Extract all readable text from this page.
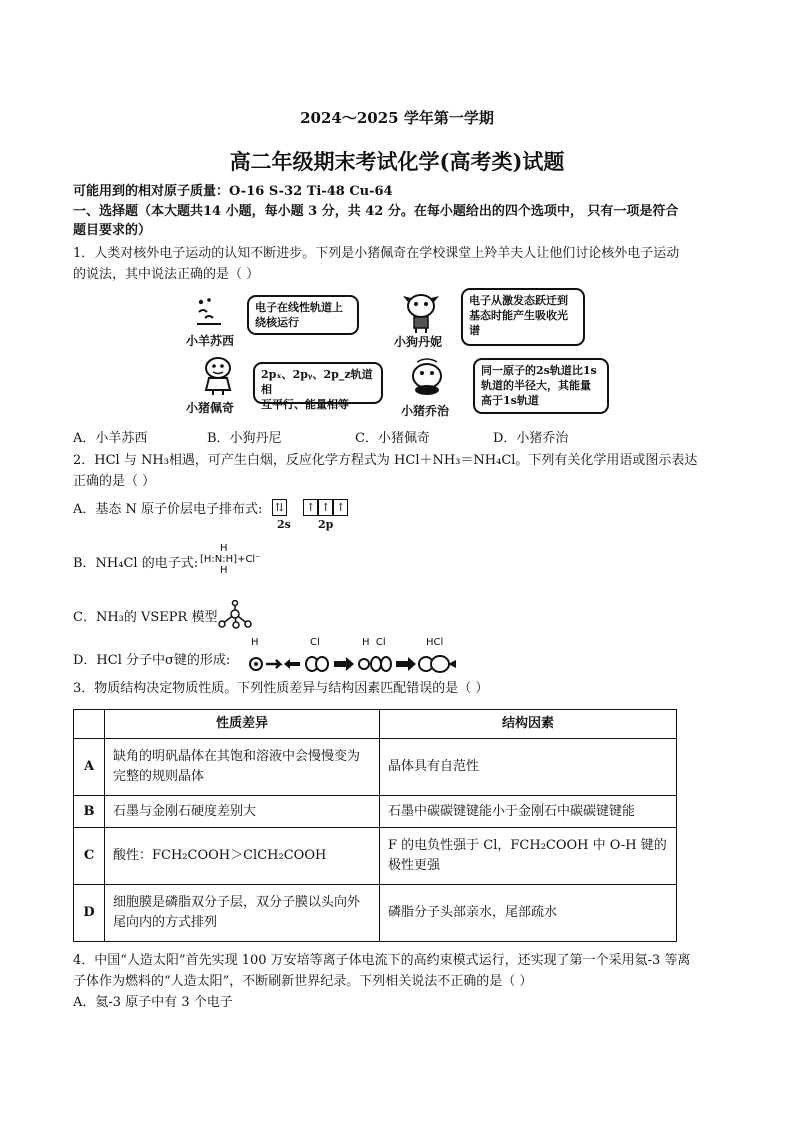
2024～2025 学年第一学期
高二年级期末考试化学(高考类)试题
可能用到的相对原子质量：O-16 S-32 Ti-48 Cu-64
一、选择题（本大题共14 小题，每小题 3 分，共 42 分。在每小题给出的四个选项中， 只有一项是符合
题目要求的）
1．人类对核外电子运动的认知不断进步。下列是小猪佩奇在学校课堂上羚羊夫人让他们讨论核外电子运动
的说法，其中说法正确的是（ ）
小羊苏西	小狗丹妮
小猪佩奇	小猪乔治
电子在线性轨道上绕核运行
电子从激发态跃迁到基态时能产生吸收光谱
2pₓ、2pᵧ、2p_z轨道相
互平行、能量相等
同一原子的2s轨道比1s轨道的半径大，其能量高于1s轨道
A．小羊苏西	B．小狗丹尼	C．小猪佩奇	D．小猪乔治
2．HCl 与 NH₃相遇，可产生白烟，反应化学方程式为 HCl＋NH₃＝NH₄Cl。下列有关化学用语或图示表达
正确的是（ ）
A．基态 N 原子价层电子排布式: ⇅ ↑ ↑ ↑
2s 2p
B．NH₄Cl 的电子式:
H
[H:N:H]+Cl⁻
H
C．NH₃的 VSEPR 模型
D．HCl 分子中σ键的形成:
H	Cl	H  Cl	HCl
3．物质结构决定物质性质。下列性质差异与结构因素匹配错误的是（ ）
	性质差异	结构因素
A	缺角的明矾晶体在其饱和溶液中会慢慢变为完整的规则晶体	晶体具有自范性
B	石墨与金刚石硬度差别大	石墨中碳碳键键能小于金刚石中碳碳键键能
C	酸性：FCH₂COOH＞ClCH₂COOH	F 的电负性强于 Cl，FCH₂COOH 中 O-H 键的极性更强
D	细胞膜是磷脂双分子层，双分子膜以头向外尾向内的方式排列	磷脂分子头部亲水，尾部疏水
4．中国“人造太阳”首先实现 100 万安培等离子体电流下的高约束模式运行，还实现了第一个采用氦-3 等离
子体作为燃料的“人造太阳”，不断刷新世界纪录。下列相关说法不正确的是（ ）
A．氦-3 原子中有 3 个电子
